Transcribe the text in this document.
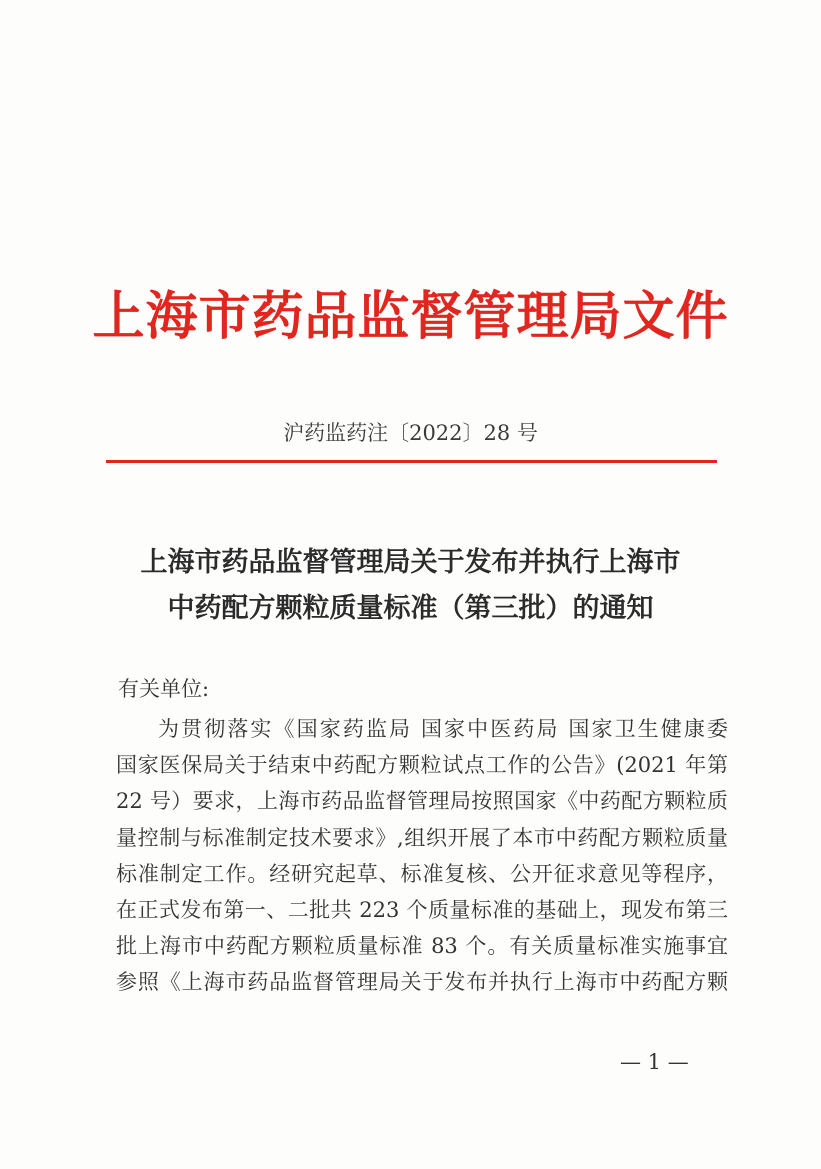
上海市药品监督管理局文件
沪药监药注〔2022〕28 号
上海市药品监督管理局关于发布并执行上海市
中药配方颗粒质量标准（第三批）的通知
有关单位:
为贯彻落实《国家药监局 国家中医药局 国家卫生健康委
国家医保局关于结束中药配方颗粒试点工作的公告》(2021 年第
22 号）要求，上海市药品监督管理局按照国家《中药配方颗粒质
量控制与标准制定技术要求》,组织开展了本市中药配方颗粒质量
标准制定工作。经研究起草、标准复核、公开征求意见等程序，
在正式发布第一、二批共 223 个质量标准的基础上，现发布第三
批上海市中药配方颗粒质量标准 83 个。有关质量标准实施事宜
参照《上海市药品监督管理局关于发布并执行上海市中药配方颗
— 1 —
